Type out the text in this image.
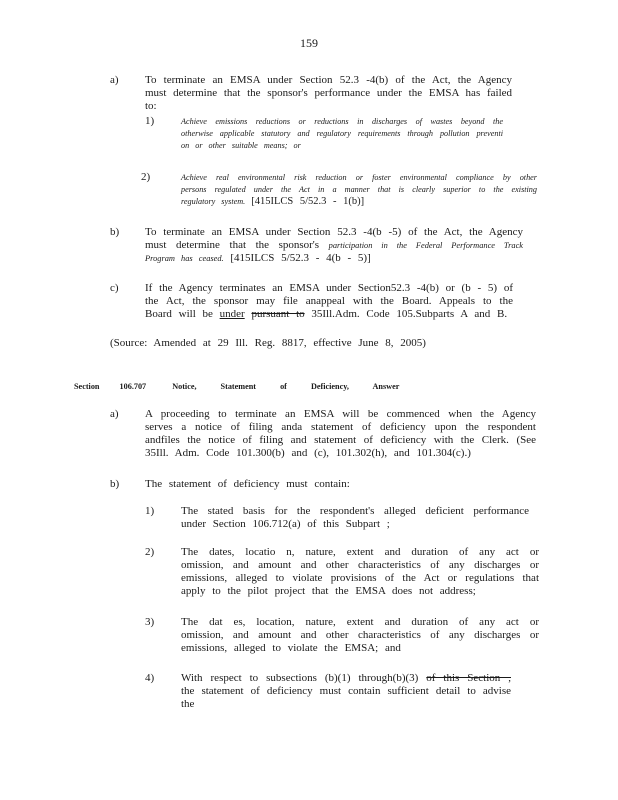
159
a) To terminate an EMSA under Section 52.3 -4(b) of the Act, the Agency must determine that the sponsor's performance under the EMSA has failed to:
1)	Achieve emissions reductions or reductions in discharges of wastes beyond the otherwise applicable statutory and regulatory requirements through pollution preventi on or other suitable means; or
2)	Achieve real environmental risk reduction or foster environmental compliance by other persons regulated under the Act in a manner that is clearly superior to the existing regulatory system. [415ILCS 5/52.3 - 1(b)]
b) To terminate an EMSA under Section 52.3 -4(b -5) of the Act, the Agency must determine that the sponsor's participation in the Federal Performance Track Program has ceased. [415ILCS 5/52.3 - 4(b - 5)]
c) If the Agency terminates an EMSA under Section52.3 -4(b) or (b - 5) of the Act, the sponsor may file anappeal with the Board. Appeals to the Board will be under pursuant to 35Ill.Adm. Code 105.Subparts A and B.
(Source: Amended at 29 Ill. Reg. 8817, effective June 8, 2005)
Section 106.707	Notice, Statement of Deficiency, Answer
a) A proceeding to terminate an EMSA will be commenced when the Agency serves a notice of filing anda statement of deficiency upon the respondent andfiles the notice of filing and statement of deficiency with the Clerk. (See 35Ill. Adm. Code 101.300(b) and (c), 101.302(h), and 101.304(c).)
b) The statement of deficiency must contain:
1) The stated basis for the respondent's alleged deficient performance under Section 106.712(a) of this Subpart ;
2) The dates, locatio n, nature, extent and duration of any act or omission, and amount and other characteristics of any discharges or emissions, alleged to violate provisions of the Act or regulations that apply to the pilot project that the EMSA does not address;
3) The dat es, location, nature, extent and duration of any act or omission, and amount and other characteristics of any discharges or emissions, alleged to violate the EMSA; and
4) With respect to subsections (b)(1) through(b)(3) of this Section , the statement of deficiency must contain sufficient detail to advise the
